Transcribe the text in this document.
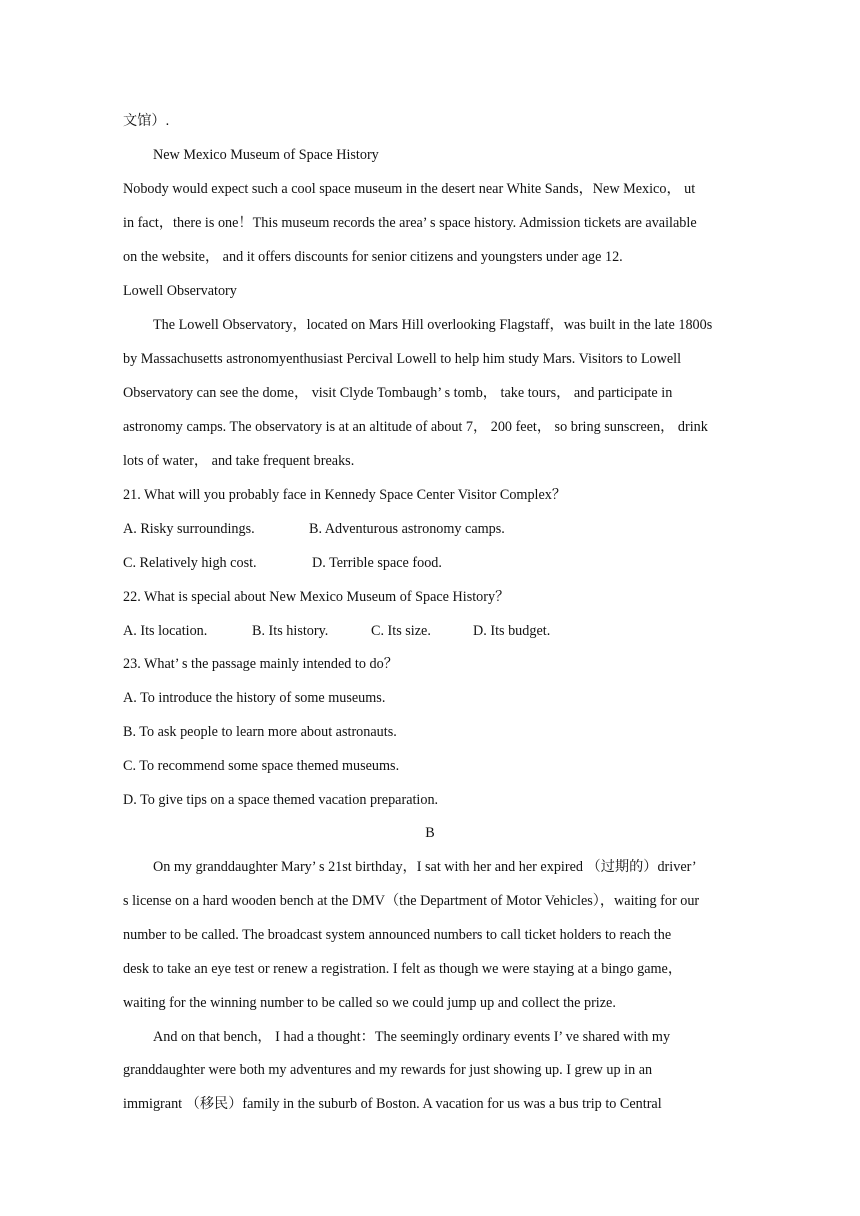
文馆）.
New Mexico Museum of Space History
Nobody would expect such a cool space museum in the desert near White Sands，New Mexico， ut
in fact，there is one！This museum records the area’ s space history. Admission tickets are available
on the website， and it offers discounts for senior citizens and youngsters under age 12.
Lowell Observatory
The Lowell Observatory，located on Mars Hill overlooking Flagstaff，was built in the late 1800s
by Massachusetts astronomyenthusiast Percival Lowell to help him study Mars. Visitors to Lowell
Observatory can see the dome， visit Clyde Tombaugh’ s tomb， take tours， and participate in
astronomy camps. The observatory is at an altitude of about 7， 200 feet， so bring sunscreen， drink
lots of water， and take frequent breaks.
21. What will you probably face in Kennedy Space Center Visitor Complex？
A. Risky surroundings.	B. Adventurous astronomy camps.
C. Relatively high cost.	D. Terrible space food.
22. What is special about New Mexico Museum of Space History？
A. Its location.	B. Its history.	C. Its size.	D. Its budget.
23. What’ s the passage mainly intended to do？
A. To introduce the history of some museums.
B. To ask people to learn more about astronauts.
C. To recommend some space themed museums.
D. To give tips on a space themed vacation preparation.
B
On my granddaughter Mary’ s 21st birthday，I sat with her and her expired （过期的）driver’
s license on a hard wooden bench at the DMV（the Department of Motor Vehicles），waiting for our
number to be called. The broadcast system announced numbers to call ticket holders to reach the
desk to take an eye test or renew a registration. I felt as though we were staying at a bingo game，
waiting for the winning number to be called so we could jump up and collect the prize.
And on that bench， I had a thought：The seemingly ordinary events I’ ve shared with my
granddaughter were both my adventures and my rewards for just showing up. I grew up in an
immigrant （移民）family in the suburb of Boston. A vacation for us was a bus trip to Central
